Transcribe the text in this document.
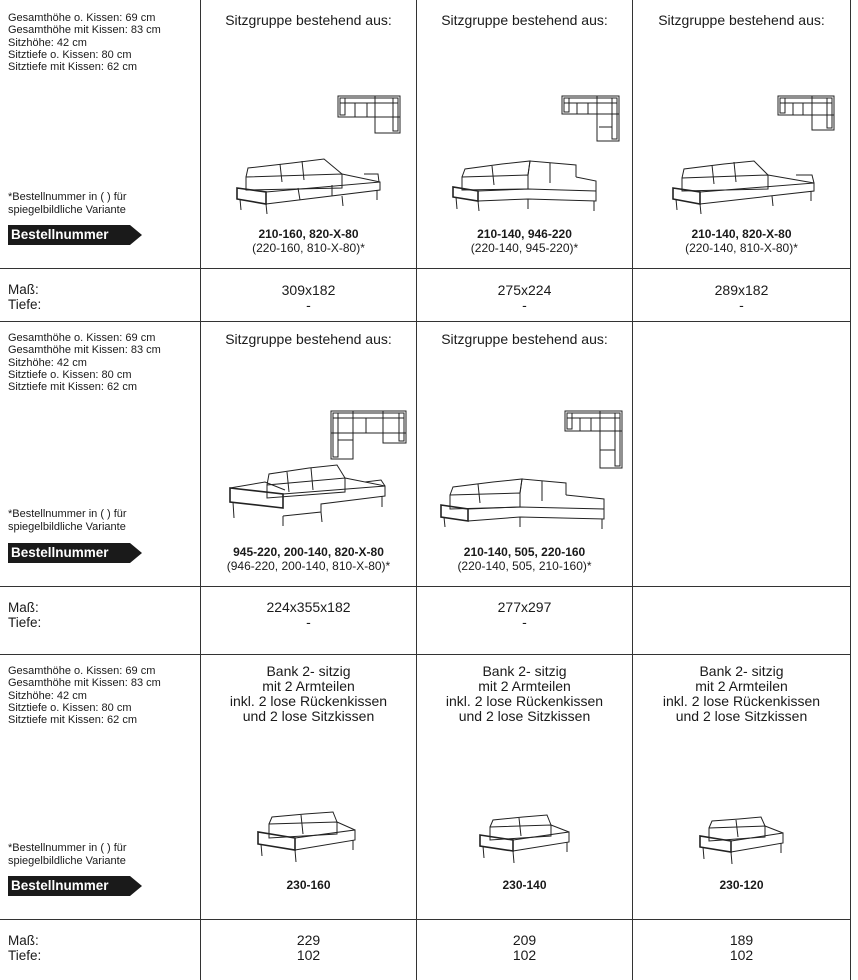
Gesamthöhe o. Kissen: 69 cm
Gesamthöhe mit Kissen: 83 cm
Sitzhöhe: 42 cm
Sitztiefe o. Kissen: 80 cm
Sitztiefe mit Kissen: 62 cm
*Bestellnummer in ( ) für
spiegelbildliche Variante
Bestellnummer
Maß:
Tiefe:
Sitzgruppe bestehend aus:
210-160, 820-X-80
(220-160, 810-X-80)*
309x182
-
Sitzgruppe bestehend aus:
210-140, 946-220
(220-140, 945-220)*
275x224
-
Sitzgruppe bestehend aus:
210-140, 820-X-80
(220-140, 810-X-80)*
289x182
-
Gesamthöhe o. Kissen: 69 cm
Gesamthöhe mit Kissen: 83 cm
Sitzhöhe: 42 cm
Sitztiefe o. Kissen: 80 cm
Sitztiefe mit Kissen: 62 cm
*Bestellnummer in ( ) für
spiegelbildliche Variante
Bestellnummer
Maß:
Tiefe:
Sitzgruppe bestehend aus:
945-220, 200-140, 820-X-80
(946-220, 200-140, 810-X-80)*
224x355x182
-
Sitzgruppe bestehend aus:
210-140, 505, 220-160
(220-140, 505, 210-160)*
277x297
-
Gesamthöhe o. Kissen: 69 cm
Gesamthöhe mit Kissen: 83 cm
Sitzhöhe: 42 cm
Sitztiefe o. Kissen: 80 cm
Sitztiefe mit Kissen: 62 cm
*Bestellnummer in ( ) für
spiegelbildliche Variante
Bestellnummer
Maß:
Tiefe:
Bank 2- sitzig
mit 2 Armteilen
inkl. 2 lose Rückenkissen
und 2 lose Sitzkissen
230-160
229
102
Bank 2- sitzig
mit 2 Armteilen
inkl. 2 lose Rückenkissen
und 2 lose Sitzkissen
230-140
209
102
Bank 2- sitzig
mit 2 Armteilen
inkl. 2 lose Rückenkissen
und 2 lose Sitzkissen
230-120
189
102
